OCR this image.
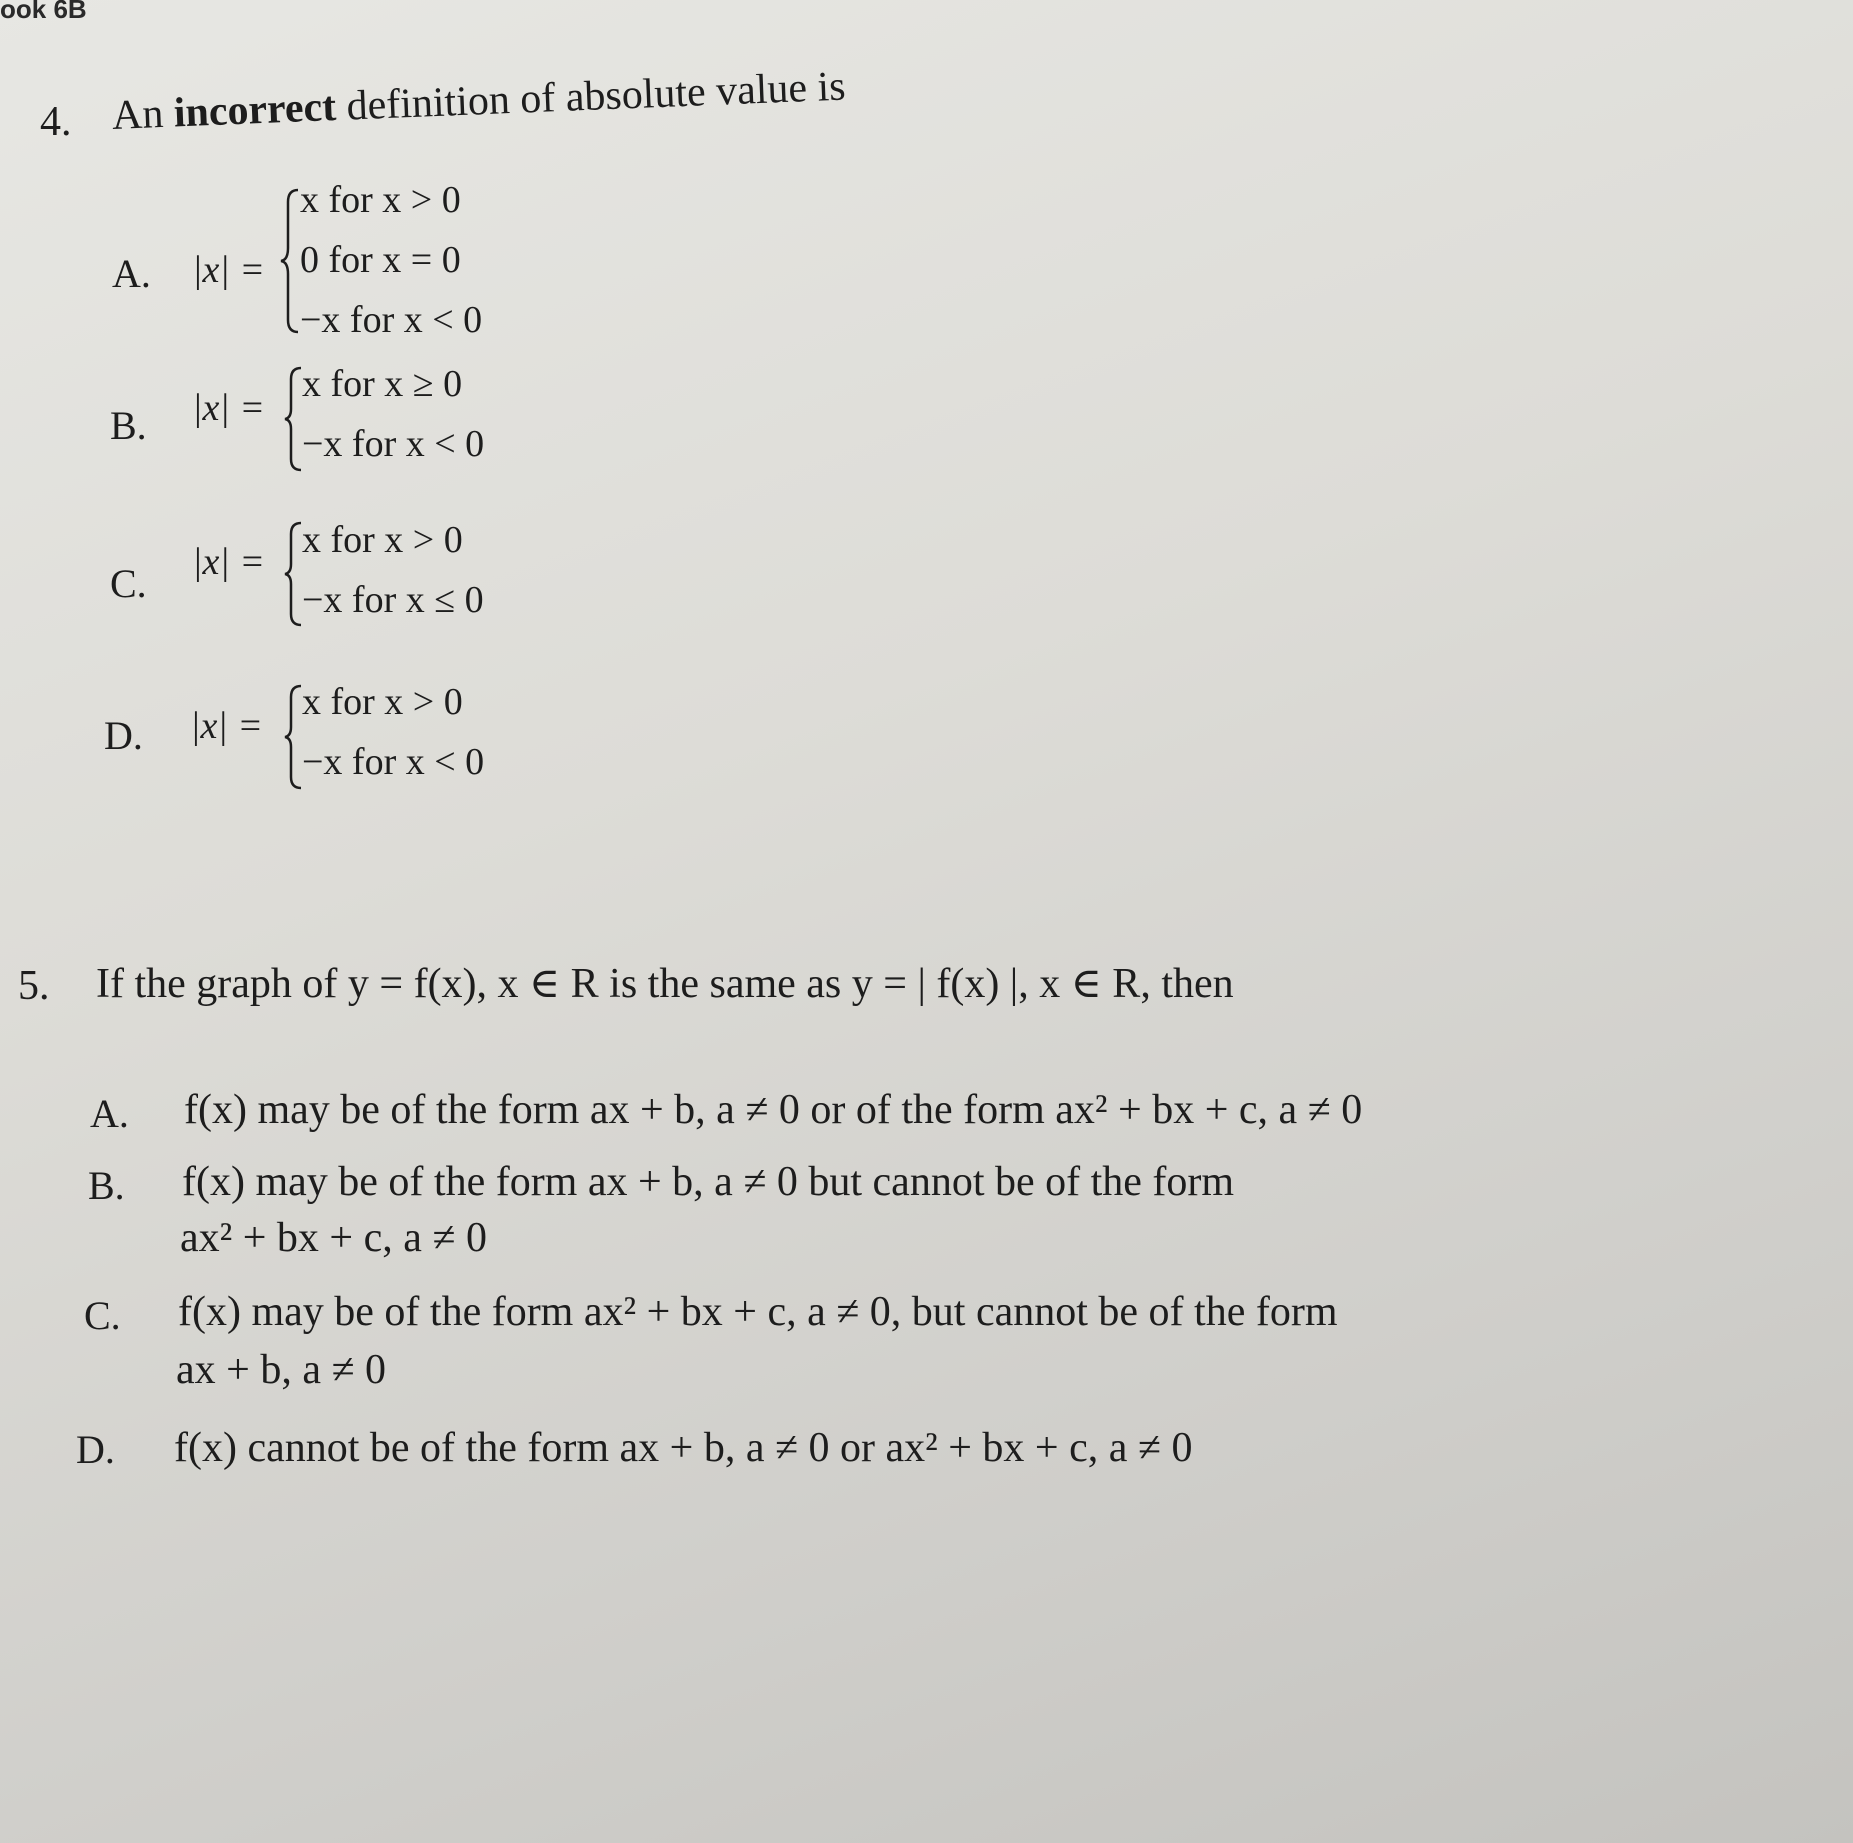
ook 6B
4. An incorrect definition of absolute value is
A. |x| =
x for x > 0
0 for x = 0
−x for x < 0
B. |x| =
x for x ≥ 0
−x for x < 0
C. |x| =
x for x > 0
−x for x ≤ 0
D. |x| =
x for x > 0
−x for x < 0
5. If the graph of y = f(x), x ∈ R is the same as y = | f(x) |, x ∈ R, then
A. f(x) may be of the form ax + b, a ≠ 0 or of the form ax² + bx + c, a ≠ 0
B. f(x) may be of the form ax + b, a ≠ 0 but cannot be of the form
ax² + bx + c, a ≠ 0
C. f(x) may be of the form ax² + bx + c, a ≠ 0, but cannot be of the form
ax + b, a ≠ 0
D. f(x) cannot be of the form ax + b, a ≠ 0 or ax² + bx + c, a ≠ 0
